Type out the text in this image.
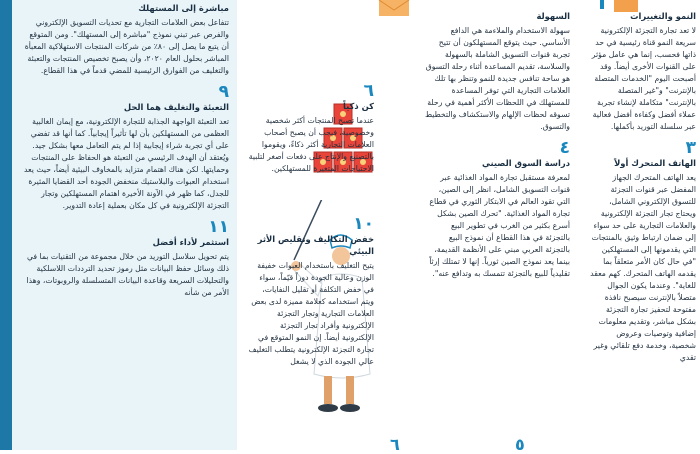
النمو والتغييرات

لا تعد تجارة التجزئة الإلكترونية سريعة النمو قناة رئيسية في حد ذاتها فحسب، إنما هي عامل مؤثر على القنوات الأخرى أيضاً. وقد أصبحت اليوم "الخدمات المتصلة بالإنترنت" و"غير المتصلة بالإنترنت" متكاملة لإنشاء تجربة عملاء أفضل وكفاءة أفضل فعالية عبر سلسلة التوريد بأكملها.

٣

الهاتف المتحرك أولاً

يعد الهاتف المتحرك الجهاز المفضل عبر قنوات التجزئة للتسوق الإلكتروني الشامل، ويحتاج تجار التجزئة الإلكترونية والعلامات التجارية على حد سواء إلى ضمان ارتباط وثيق بالمنتجات التي يقدمونها إلى المستهلكين "في حال كان الأمر متعلقاً بما يقدمه الهاتف المتحرك. كهم معقد للغاية". وعندما يكون الجوال متصلاً بالإنترنت سيصبح نافذة مفتوحة لتحفيز تجارة التجزئة بشكل مباشر، وتقديم معلومات إضافية وتوصيات وعروض شخصية، وخدمة دفع تلقائي وغير تقدي

السهولة

سهولة الاستخدام والملاءمة هي الدافع الأساسي. حيث يتوقع المستهلكون أن تتيح تجربة قنوات التسويق الشاملة بالسهولة والسلاسة، تقديم المساعدة أثناء رحلة التسوق هو ساحة تنافس جديدة للنمو وتنظر بها تلك العلامات التجارية التي توفر المساعدة للمستهلك في اللحظات الأكثر أهمية في رحلة تسوقه لحظات الإلهام والاستكشاف والتخطيط والتسوق.

٤

دراسة السوق الصيني

لمعرفة مستقبل تجارة المواد الغذائية عبر قنوات التسويق الشامل، انظر إلى الصين، التي تقود العالم في الابتكار الثوري في قطاع تجارة المواد الغذائية. "تحرك الصين بشكل أسرع بكثير من الغرب في تطوير البيع بالتجزئة في هذا القطاع أن نموذج البيع بالتجزئة العربي مبني على الأنظمة القديمة، بينما يعد نموذج الصين ثورياً. إنها لا تمتلك إرثاً تقليدياً للبيع بالتجزئة تتمسك به وتدافع عنه".

٦

كن ذكياً

عندما تصبح المنتجات أكثر شخصية وخصوصية، فيجب أن يصبح أصحاب العلامات التجارية أكثر ذكاءً، ويقوموا بالتصنيع والإنتاج على دفعات أصغر لتلبية الاحتياجات المتغيرة للمستهلكين.

١٠

خفض التكاليف وتقليص الأثر البيئي

يتيح التغليف باستخدام العبوات خفيفة الوزن وعالية الجودة دوراً قيّماً، سواء في خفض التكلفة أو تقليل النفايات، ويتم استخدامه كعلامة مميزة لدى بعض العلامات التجارية وتجار التجزئة الإلكترونية وأفراد تجار التجزئة الإلكترونية أيضاً. إن النمو المتوقع في تجارة التجزئة الإلكترونية يتطلب التغليف عالي الجودة الذي لا يشغل

مباشرة إلى المستهلك

تتفاعل بعض العلامات التجارية مع تحديات التسويق الإلكتروني والفرص عبر تبني نموذج "مباشرة إلى المستهلك". ومن المتوقع أن يتبع ما يصل إلى ٨٠٪ من شركات المنتجات الاستهلاكية المعبأة المباشر بحلول العام ٢٠٢٠، وأن يصبح تخصيص المنتجات والتعبئة والتغليف من الفوارق الرئيسية للمضي قدماً في هذا القطاع.

٩

التعبئة والتغليف هما الحل

تعد التعبئة الواجهة الجذابة للتجارة الإلكترونية، مع إيمان الغالبية العظمى من المستهلكين بأن لها تأثيراً إيجابياً. كما أنها قد تفضي على أي تجربة شراء إيجابية إذا لم يتم التعامل معها بشكل جيد. ويُعتقد أن الهدف الرئيسي من التعبئة هو الحفاظ على المنتجات وحمايتها. لكن هناك اهتمام متزايد بالمخاوف البيئية أيضاً، حيث يعد استخدام العبوات والبلاستيك منخفض الجودة أحد القضايا المثيرة للجدل، كما ظهر في الآونة الأخيرة اهتمام المستهلكين وتجار التجزئة الإلكترونية في كل مكان بعملية إعادة التدوير.

١١

استثمر لأداء أفضل

يتم تحويل سلاسل التوريد من خلال مجموعة من التقنيات بما في ذلك وسائل حفظ البيانات مثل رموز تحديد الترددات اللاسلكية والتحليلات السريعة وقاعدة البيانات المتسلسلة والروبوتات، وهذا الأمر من شأنه

٦	٥
